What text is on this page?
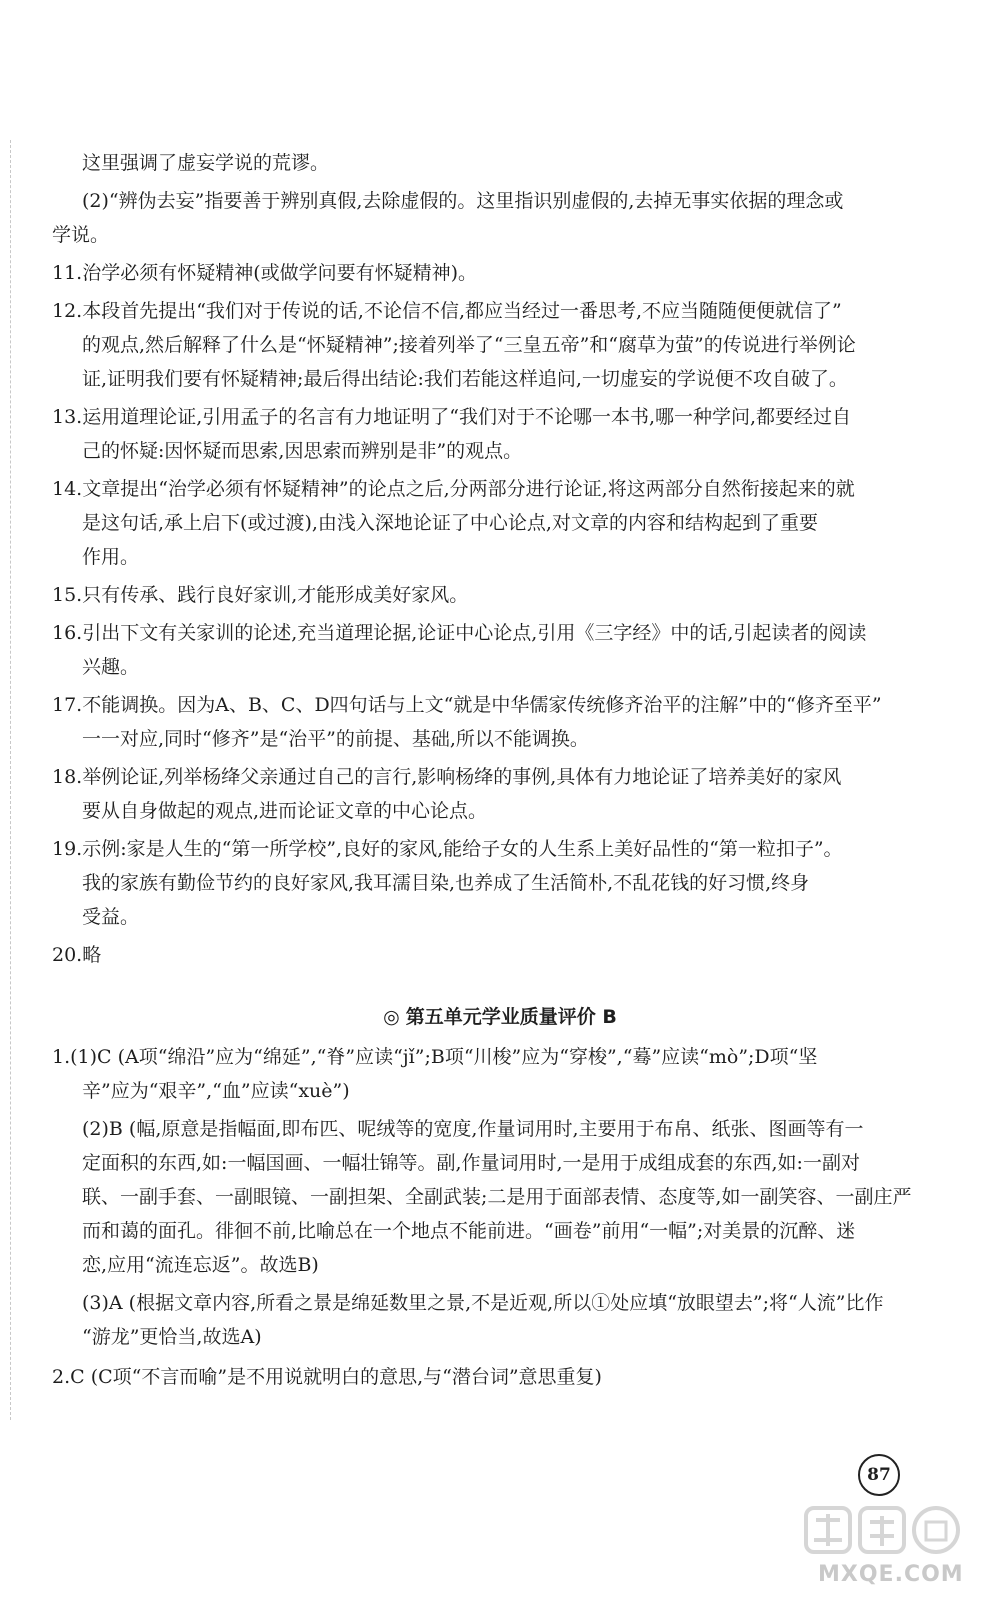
这里强调了虚妄学说的荒谬。

(2)“辨伪去妄”指要善于辨别真假,去除虚假的。这里指识别虚假的,去掉无事实依据的理念或

学说。

11.治学必须有怀疑精神(或做学问要有怀疑精神)。

12.本段首先提出“我们对于传说的话,不论信不信,都应当经过一番思考,不应当随随便便就信了”

的观点,然后解释了什么是“怀疑精神”;接着列举了“三皇五帝”和“腐草为萤”的传说进行举例论

证,证明我们要有怀疑精神;最后得出结论:我们若能这样追问,一切虚妄的学说便不攻自破了。

13.运用道理论证,引用孟子的名言有力地证明了“我们对于不论哪一本书,哪一种学问,都要经过自

己的怀疑:因怀疑而思索,因思索而辨别是非”的观点。

14.文章提出“治学必须有怀疑精神”的论点之后,分两部分进行论证,将这两部分自然衔接起来的就

是这句话,承上启下(或过渡),由浅入深地论证了中心论点,对文章的内容和结构起到了重要

作用。

15.只有传承、践行良好家训,才能形成美好家风。

16.引出下文有关家训的论述,充当道理论据,论证中心论点,引用《三字经》中的话,引起读者的阅读

兴趣。

17.不能调换。因为A、B、C、D四句话与上文“就是中华儒家传统修齐治平的注解”中的“修齐至平”

一一对应,同时“修齐”是“治平”的前提、基础,所以不能调换。

18.举例论证,列举杨绛父亲通过自己的言行,影响杨绛的事例,具体有力地论证了培养美好的家风

要从自身做起的观点,进而论证文章的中心论点。

19.示例:家是人生的“第一所学校”,良好的家风,能给子女的人生系上美好品性的“第一粒扣子”。

我的家族有勤俭节约的良好家风,我耳濡目染,也养成了生活简朴,不乱花钱的好习惯,终身

受益。

20.略

◎ 第五单元学业质量评价 B

1.(1)C (A项“绵沿”应为“绵延”,“脊”应读“jǐ”;B项“川梭”应为“穿梭”,“蓦”应读“mò”;D项“坚

辛”应为“艰辛”,“血”应读“xuè”)

(2)B (幅,原意是指幅面,即布匹、呢绒等的宽度,作量词用时,主要用于布帛、纸张、图画等有一

定面积的东西,如:一幅国画、一幅壮锦等。副,作量词用时,一是用于成组成套的东西,如:一副对

联、一副手套、一副眼镜、一副担架、全副武装;二是用于面部表情、态度等,如一副笑容、一副庄严

而和蔼的面孔。徘徊不前,比喻总在一个地点不能前进。“画卷”前用“一幅”;对美景的沉醉、迷

恋,应用“流连忘返”。故选B)

(3)A (根据文章内容,所看之景是绵延数里之景,不是近观,所以①处应填“放眼望去”;将“人流”比作

“游龙”更恰当,故选A)

2.C (C项“不言而喻”是不用说就明白的意思,与“潜台词”意思重复)

87
MXQE.COM
